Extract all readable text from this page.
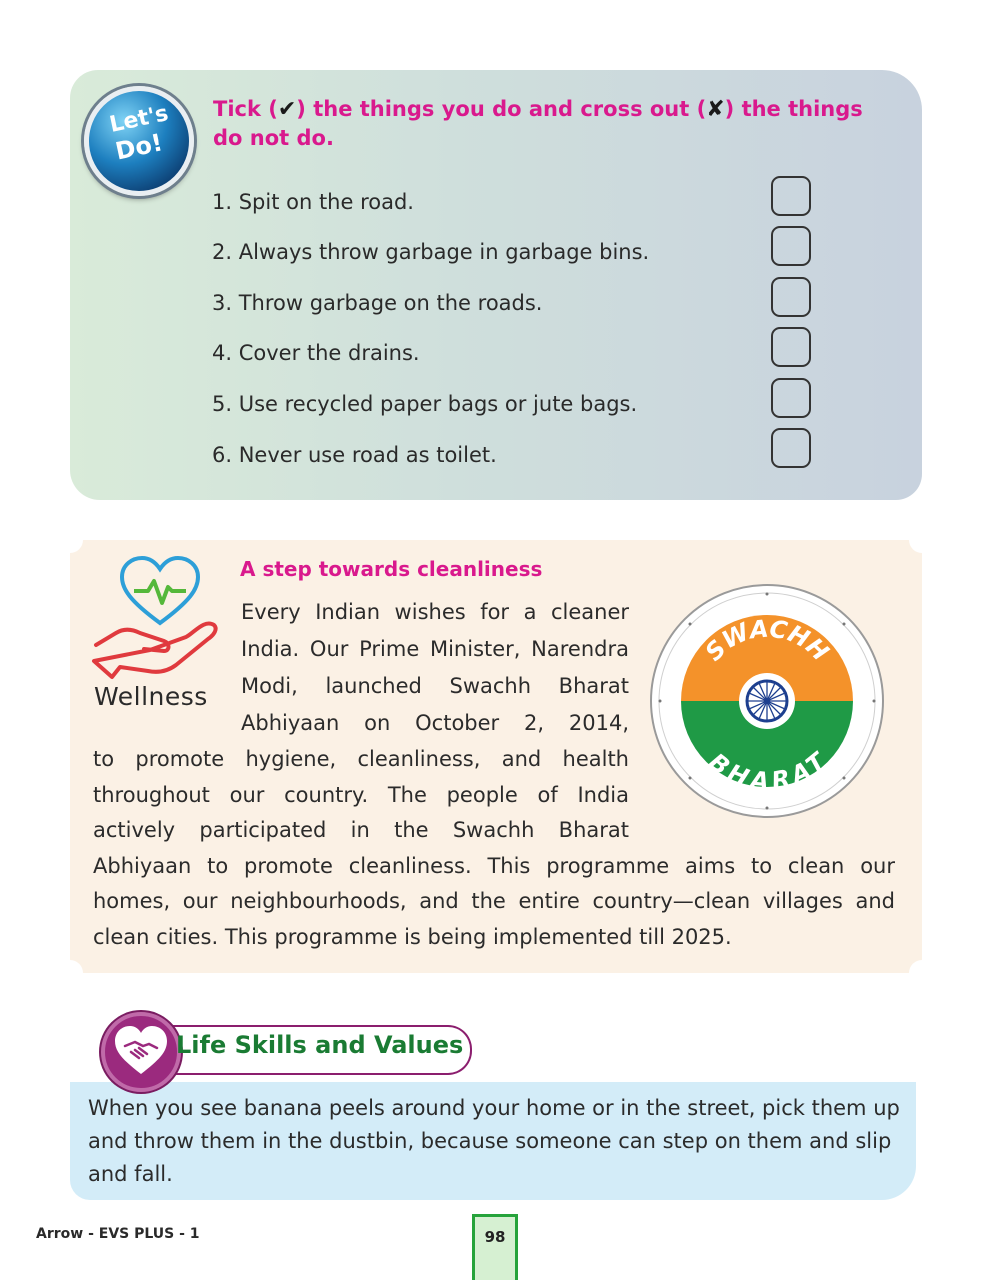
Let's
Do!
Tick (✔) the things you do and cross out (✘) the things do not do.
1. Spit on the road.
2. Always throw garbage in garbage bins.
3. Throw garbage on the roads.
4. Cover the drains.
5. Use recycled paper bags or jute bags.
6. Never use road as toilet.
Wellness
A step towards cleanliness
Every Indian wishes for a cleaner
India. Our Prime Minister, Narendra
Modi, launched Swachh Bharat
Abhiyaan on October 2, 2014,
to promote hygiene, cleanliness, and health
throughout our country. The people of India
actively participated in the Swachh Bharat
Abhiyaan to promote cleanliness. This programme aims to clean our
homes, our neighbourhoods, and the entire country—clean villages and
clean cities. This programme is being implemented till 2025.
SWACHH
BHARAT
Life Skills and Values
When you see banana peels around your home or in the street, pick them up and throw them in the dustbin, because someone can step on them and slip and fall.
Arrow - EVS PLUS - 1	98
